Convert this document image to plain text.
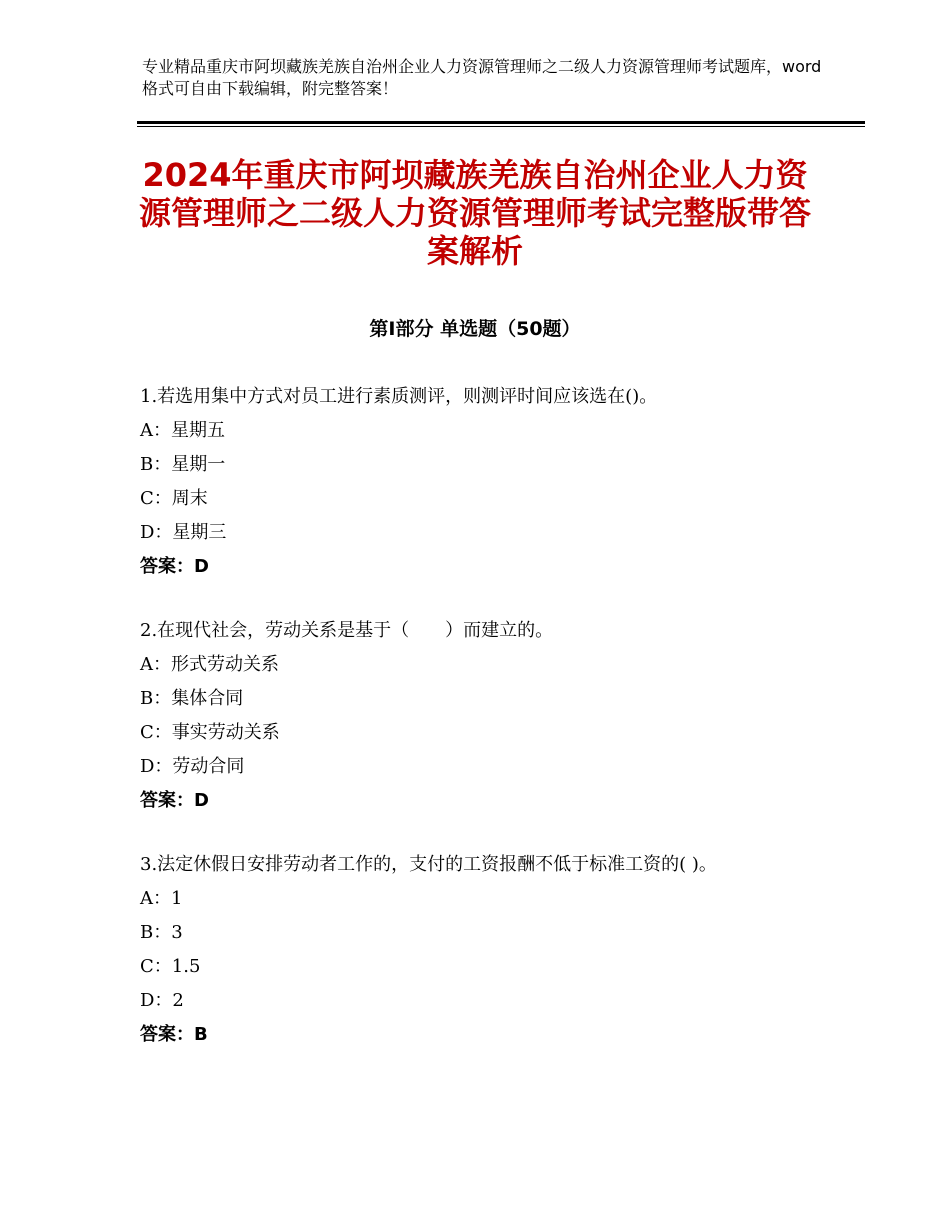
专业精品重庆市阿坝藏族羌族自治州企业人力资源管理师之二级人力资源管理师考试题库，word格式可自由下载编辑，附完整答案！
2024年重庆市阿坝藏族羌族自治州企业人力资源管理师之二级人力资源管理师考试完整版带答案解析
第Ⅰ部分 单选题（50题）
1.若选用集中方式对员工进行素质测评，则测评时间应该选在()。
A：星期五
B：星期一
C：周末
D：星期三
答案：D
2.在现代社会，劳动关系是基于（　　）而建立的。
A：形式劳动关系
B：集体合同
C：事实劳动关系
D：劳动合同
答案：D
3.法定休假日安排劳动者工作的，支付的工资报酬不低于标准工资的( )。
A：1
B：3
C：1.5
D：2
答案：B
